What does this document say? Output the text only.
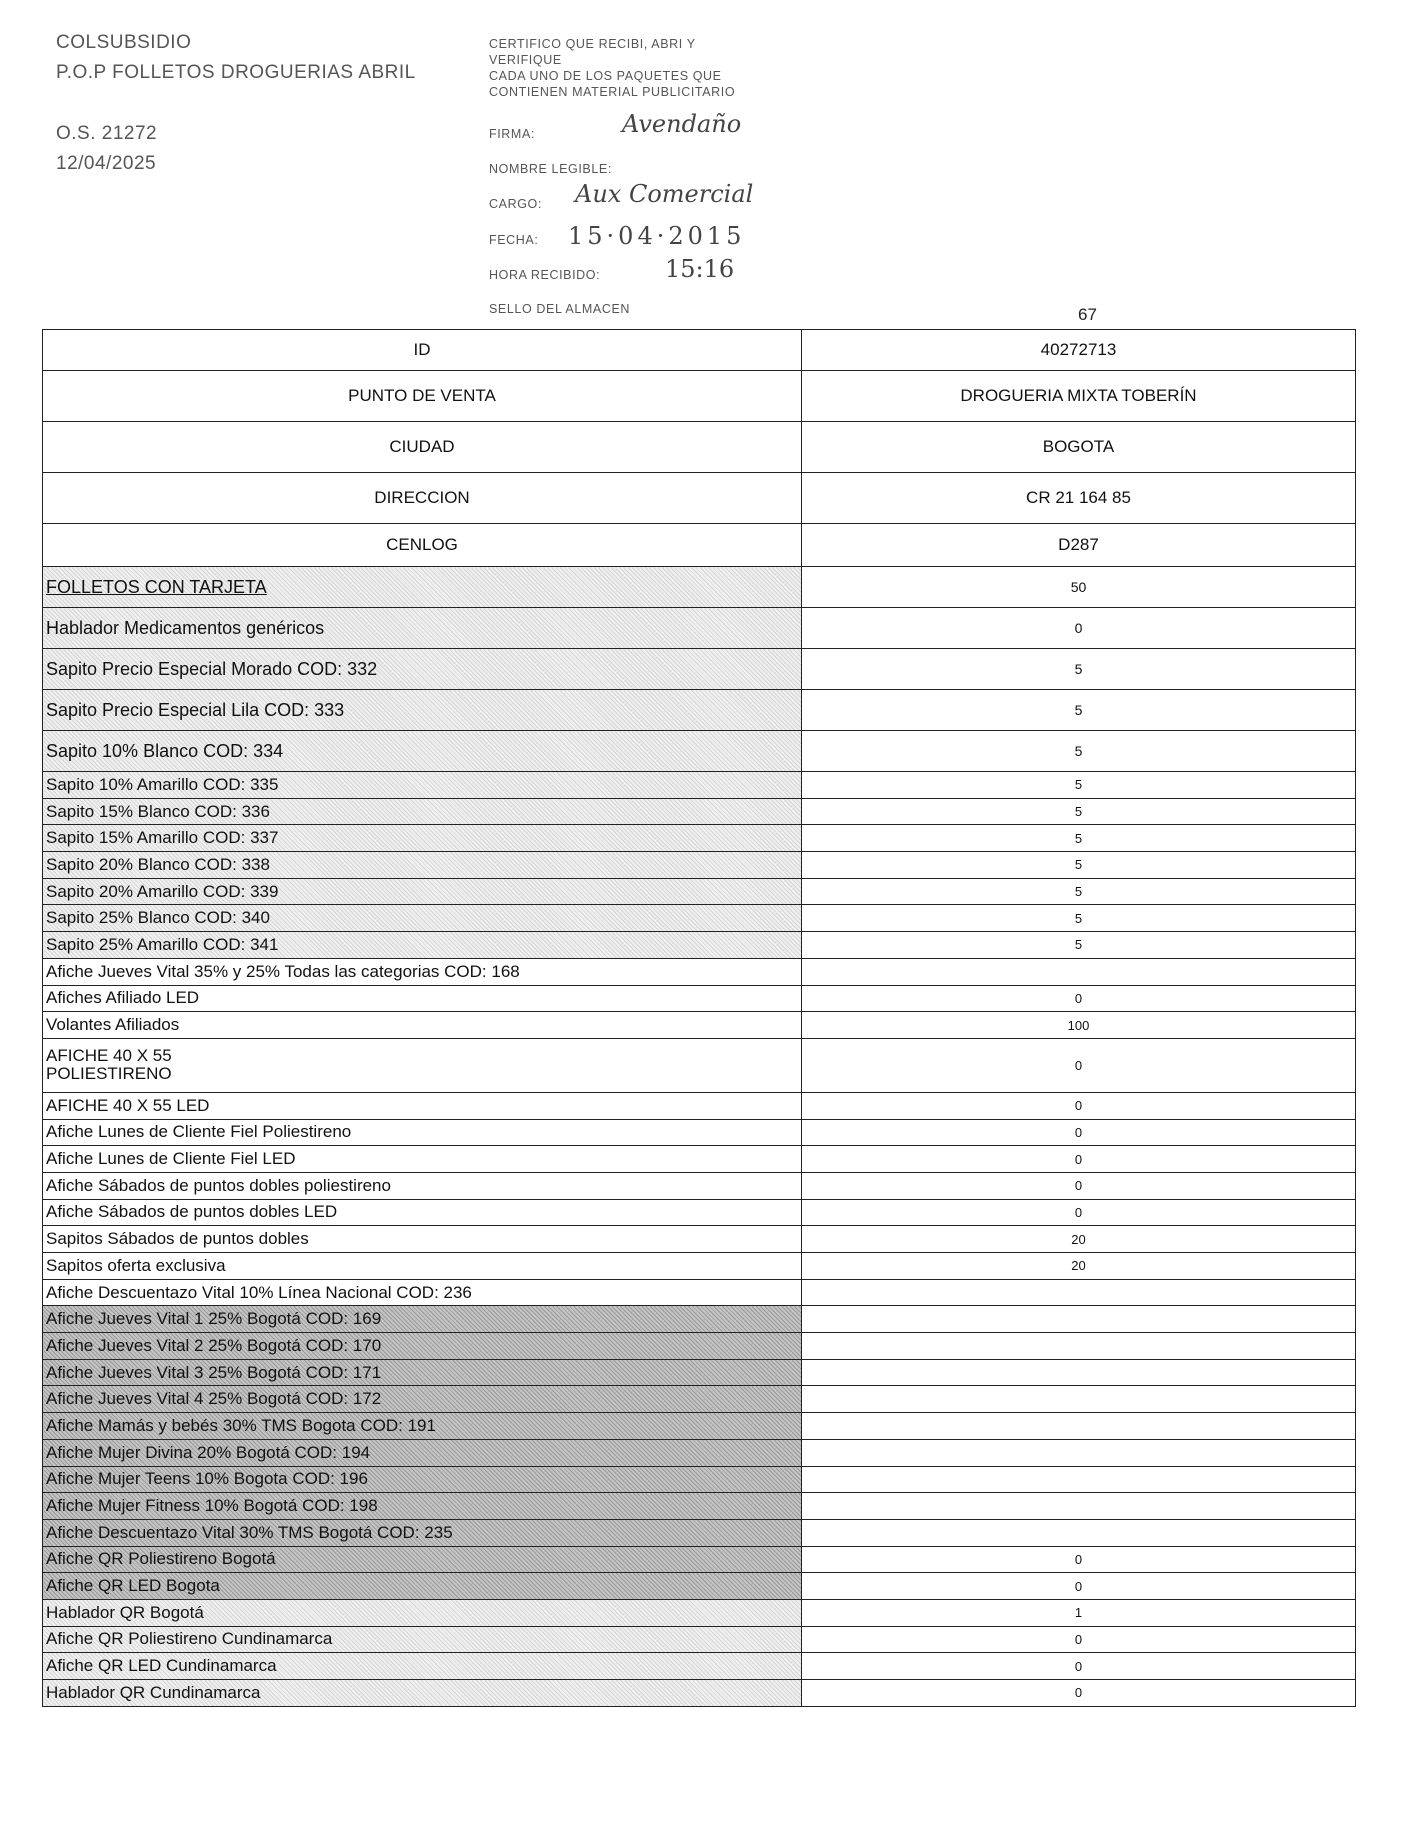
COLSUBSIDIO
P.O.P FOLLETOS DROGUERIAS ABRIL
O.S. 21272
12/04/2025
CERTIFICO QUE RECIBI, ABRI Y
VERIFIQUE
CADA UNO DE LOS PAQUETES QUE
CONTIENEN MATERIAL PUBLICITARIO
FIRMA:	Avendaño
NOMBRE LEGIBLE:
CARGO: Aux Comercial
FECHA: 15·04·2015
HORA RECIBIDO:	15:16
SELLO DEL ALMACEN	67
ID	40272713
PUNTO DE VENTA	DROGUERIA MIXTA TOBERÍN
CIUDAD	BOGOTA
DIRECCION	CR 21 164 85
CENLOG	D287
FOLLETOS CON TARJETA	50
Hablador Medicamentos genéricos	0
Sapito Precio Especial Morado COD: 332	5
Sapito Precio Especial Lila COD: 333	5
Sapito 10% Blanco COD: 334	5
Sapito 10% Amarillo COD: 335	5
Sapito 15% Blanco COD: 336	5
Sapito 15% Amarillo COD: 337	5
Sapito 20% Blanco COD: 338	5
Sapito 20% Amarillo COD: 339	5
Sapito 25% Blanco COD: 340	5
Sapito 25% Amarillo COD: 341	5
Afiche Jueves Vital 35% y 25% Todas las categorias COD: 168	
Afiches Afiliado LED	0
Volantes Afiliados	100
AFICHE 40 X 55
POLIESTIRENO	0
AFICHE 40 X 55 LED	0
Afiche Lunes de Cliente Fiel Poliestireno	0
Afiche Lunes de Cliente Fiel LED	0
Afiche Sábados de puntos dobles poliestireno	0
Afiche Sábados de puntos dobles LED	0
Sapitos Sábados de puntos dobles	20
Sapitos oferta exclusiva	20
Afiche Descuentazo Vital 10% Línea Nacional COD: 236	
Afiche Jueves Vital 1 25% Bogotá COD: 169	
Afiche Jueves Vital 2 25% Bogotá COD: 170	
Afiche Jueves Vital 3 25% Bogotá COD: 171	
Afiche Jueves Vital 4 25% Bogotá COD: 172	
Afiche Mamás y bebés 30% TMS Bogota COD: 191	
Afiche Mujer Divina 20% Bogotá COD: 194	
Afiche Mujer Teens 10% Bogota COD: 196	
Afiche Mujer Fitness 10% Bogotá COD: 198	
Afiche Descuentazo Vital 30% TMS Bogotá COD: 235	
Afiche QR Poliestireno Bogotá	0
Afiche QR LED Bogota	0
Hablador QR Bogotá	1
Afiche QR Poliestireno Cundinamarca	0
Afiche QR LED Cundinamarca	0
Hablador QR Cundinamarca	0
